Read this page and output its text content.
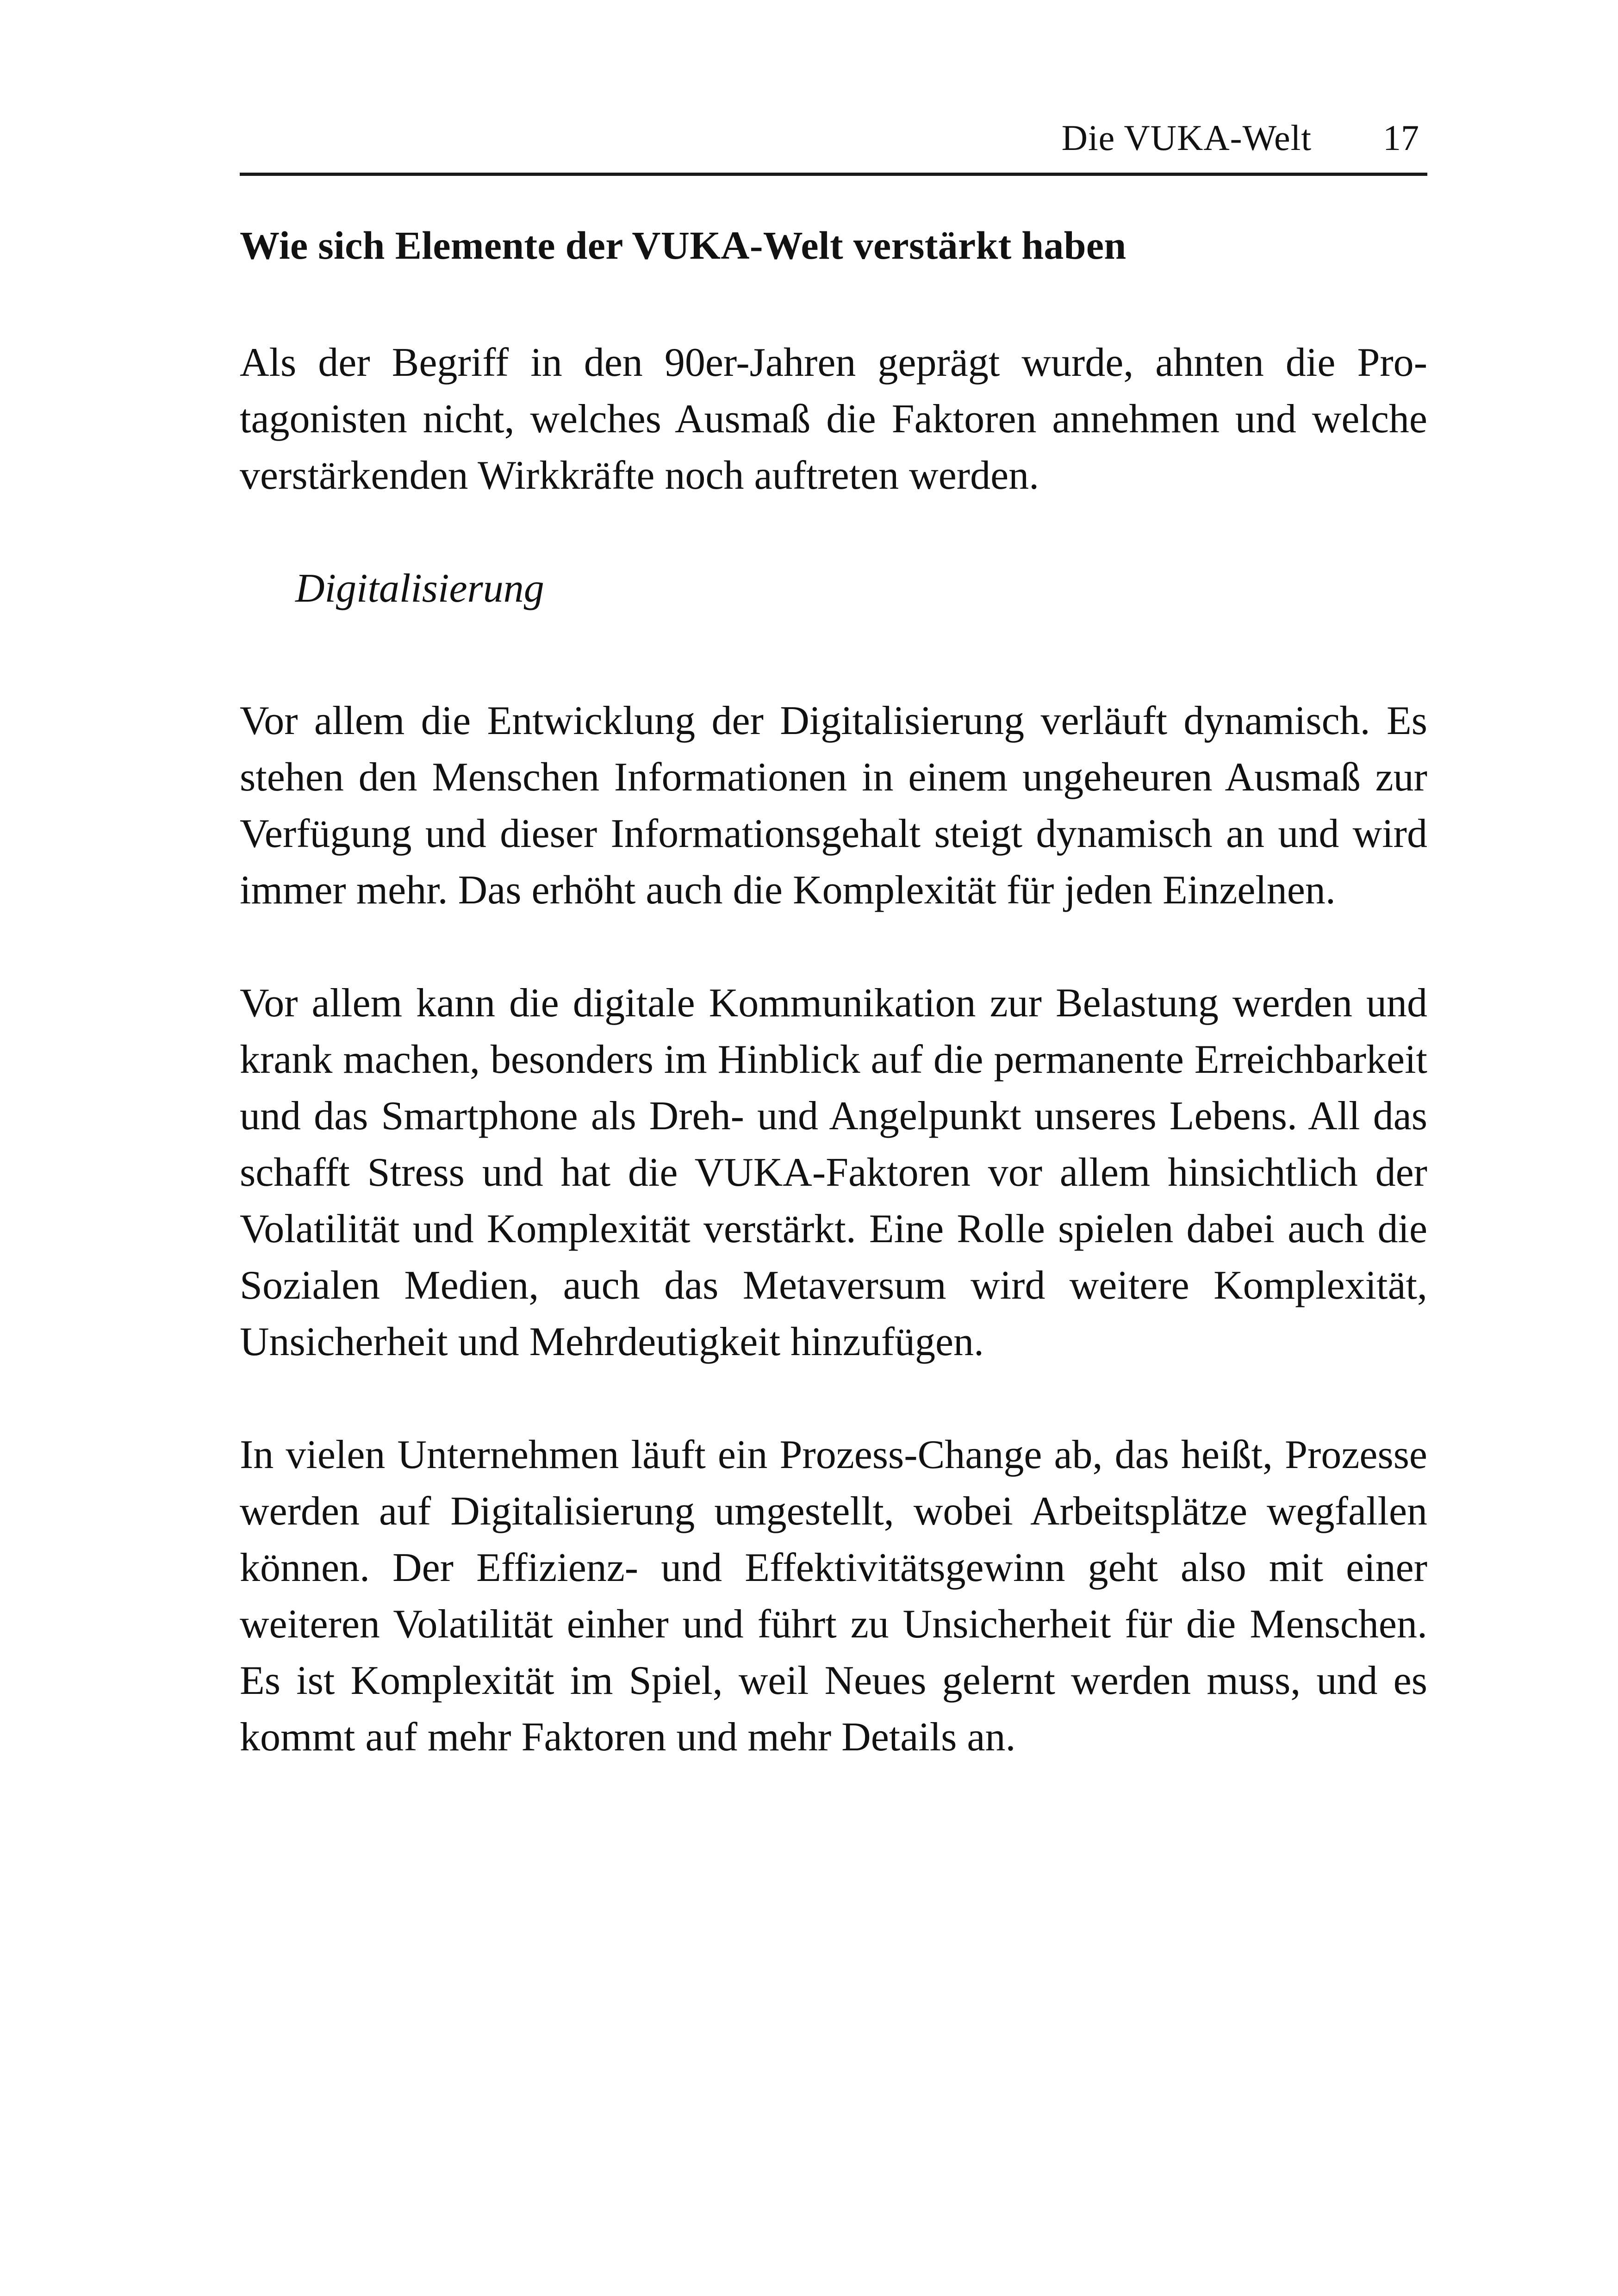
Die VUKA-Welt 17
Wie sich Elemente der VUKA-Welt verstärkt haben

Als der Begriff in den 90er-Jahren geprägt wurde, ahnten die Protagonisten nicht, welches Ausmaß die Faktoren annehmen und welche verstärkenden Wirkkräfte noch auftreten werden.

Digitalisierung

Vor allem die Entwicklung der Digitalisierung verläuft dynamisch. Es stehen den Menschen Informationen in einem ungeheuren Ausmaß zur Verfügung und dieser Informationsgehalt steigt dynamisch an und wird immer mehr. Das erhöht auch die Komplexität für jeden Einzelnen.

Vor allem kann die digitale Kommunikation zur Belastung werden und krank machen, besonders im Hinblick auf die permanente Erreichbarkeit und das Smartphone als Dreh- und Angelpunkt unseres Lebens. All das schafft Stress und hat die VUKA-Faktoren vor allem hinsichtlich der Volatilität und Komplexität verstärkt. Eine Rolle spielen dabei auch die Sozialen Medien, auch das Metaversum wird weitere Komplexität, Unsicherheit und Mehrdeutigkeit hinzufügen.

In vielen Unternehmen läuft ein Prozess-Change ab, das heißt, Prozesse werden auf Digitalisierung umgestellt, wobei Arbeitsplätze wegfallen können. Der Effizienz- und Effektivitätsgewinn geht also mit einer weiteren Volatilität einher und führt zu Unsicherheit für die Menschen. Es ist Komplexität im Spiel, weil Neues gelernt werden muss, und es kommt auf mehr Faktoren und mehr Details an.
